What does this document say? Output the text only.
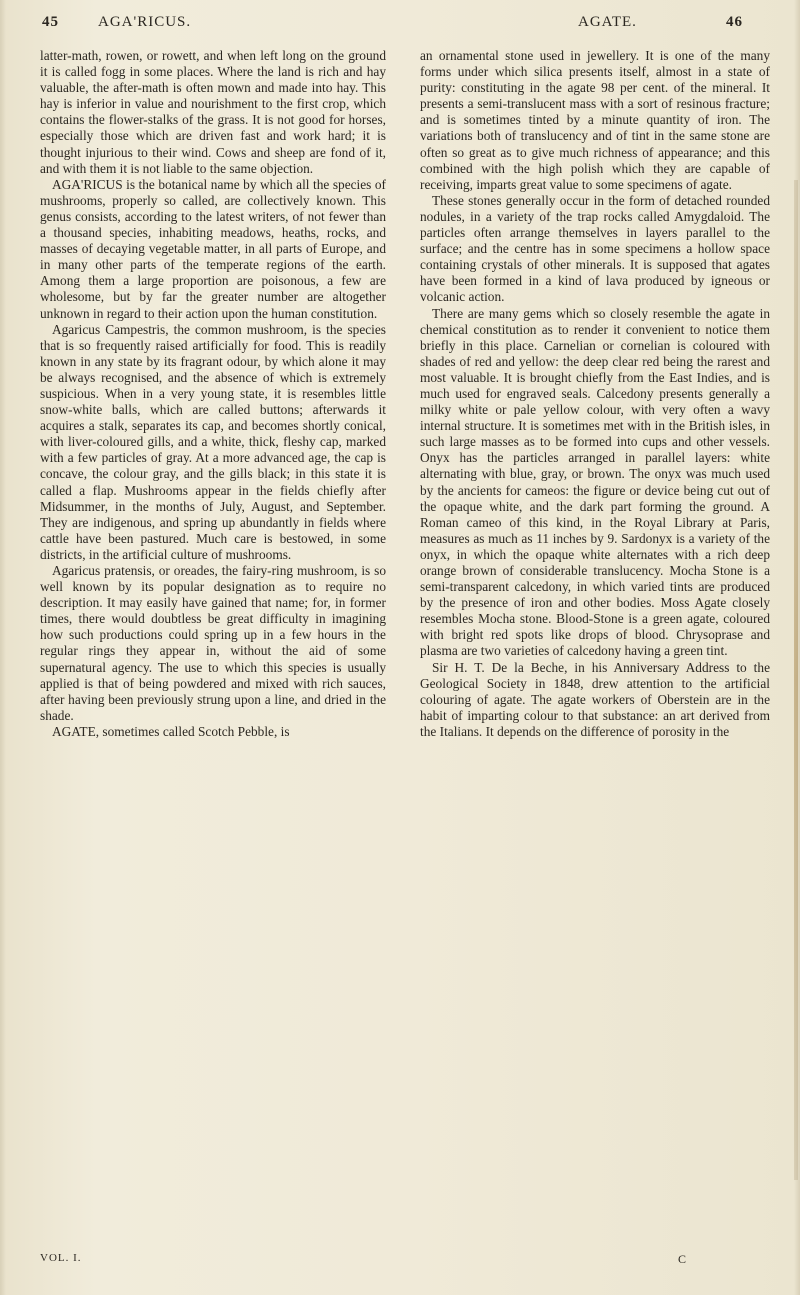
45	AGA'RICUS.	AGATE.	46

latter-math, rowen, or rowett, and when left long on the ground it is called fogg in some places. Where the land is rich and hay valuable, the after-math is often mown and made into hay. This hay is inferior in value and nourishment to the first crop, which contains the flower-stalks of the grass. It is not good for horses, especially those which are driven fast and work hard; it is thought injurious to their wind. Cows and sheep are fond of it, and with them it is not liable to the same objection.

AGA'RICUS is the botanical name by which all the species of mushrooms, properly so called, are collectively known. This genus consists, according to the latest writers, of not fewer than a thousand species, inhabiting meadows, heaths, rocks, and masses of decaying vegetable matter, in all parts of Europe, and in many other parts of the temperate regions of the earth. Among them a large proportion are poisonous, a few are wholesome, but by far the greater number are altogether unknown in regard to their action upon the human constitution.

Agaricus Campestris, the common mushroom, is the species that is so frequently raised artificially for food. This is readily known in any state by its fragrant odour, by which alone it may be always recognised, and the absence of which is extremely suspicious. When in a very young state, it is resembles little snow-white balls, which are called buttons; afterwards it acquires a stalk, separates its cap, and becomes shortly conical, with liver-coloured gills, and a white, thick, fleshy cap, marked with a few particles of gray. At a more advanced age, the cap is concave, the colour gray, and the gills black; in this state it is called a flap. Mushrooms appear in the fields chiefly after Midsummer, in the months of July, August, and September. They are indigenous, and spring up abundantly in fields where cattle have been pastured. Much care is bestowed, in some districts, in the artificial culture of mushrooms.

Agaricus pratensis, or oreades, the fairy-ring mushroom, is so well known by its popular designation as to require no description. It may easily have gained that name; for, in former times, there would doubtless be great difficulty in imagining how such productions could spring up in a few hours in the regular rings they appear in, without the aid of some supernatural agency. The use to which this species is usually applied is that of being powdered and mixed with rich sauces, after having been previously strung upon a line, and dried in the shade.

AGATE, sometimes called Scotch Pebble, is

an ornamental stone used in jewellery. It is one of the many forms under which silica presents itself, almost in a state of purity: constituting in the agate 98 per cent. of the mineral. It presents a semi-translucent mass with a sort of resinous fracture; and is sometimes tinted by a minute quantity of iron. The variations both of translucency and of tint in the same stone are often so great as to give much richness of appearance; and this combined with the high polish which they are capable of receiving, imparts great value to some specimens of agate.

These stones generally occur in the form of detached rounded nodules, in a variety of the trap rocks called Amygdaloid. The particles often arrange themselves in layers parallel to the surface; and the centre has in some specimens a hollow space containing crystals of other minerals. It is supposed that agates have been formed in a kind of lava produced by igneous or volcanic action.

There are many gems which so closely resemble the agate in chemical constitution as to render it convenient to notice them briefly in this place. Carnelian or cornelian is coloured with shades of red and yellow: the deep clear red being the rarest and most valuable. It is brought chiefly from the East Indies, and is much used for engraved seals. Calcedony presents generally a milky white or pale yellow colour, with very often a wavy internal structure. It is sometimes met with in the British isles, in such large masses as to be formed into cups and other vessels. Onyx has the particles arranged in parallel layers: white alternating with blue, gray, or brown. The onyx was much used by the ancients for cameos: the figure or device being cut out of the opaque white, and the dark part forming the ground. A Roman cameo of this kind, in the Royal Library at Paris, measures as much as 11 inches by 9. Sardonyx is a variety of the onyx, in which the opaque white alternates with a rich deep orange brown of considerable translucency. Mocha Stone is a semi-transparent calcedony, in which varied tints are produced by the presence of iron and other bodies. Moss Agate closely resembles Mocha stone. Blood-Stone is a green agate, coloured with bright red spots like drops of blood. Chrysoprase and plasma are two varieties of calcedony having a green tint.

Sir H. T. De la Beche, in his Anniversary Address to the Geological Society in 1848, drew attention to the artificial colouring of agate. The agate workers of Oberstein are in the habit of imparting colour to that substance: an art derived from the Italians. It depends on the difference of porosity in the

VOL. I.	C
